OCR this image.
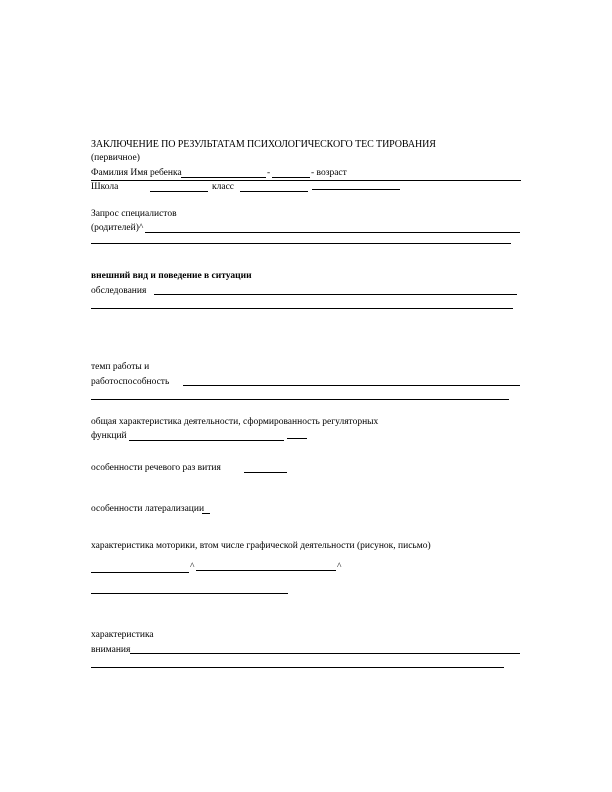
ЗАКЛЮЧЕНИЕ ПО РЕЗУЛЬТАТАМ ПСИХОЛОГИЧЕСКОГО ТЕС ТИРОВАНИЯ
(первичное)
Фамилия Имя ребенка	-	- возраст
Школа	класс
Запрос специалистов
(родителей)^
внешний вид и поведение в ситуации
обследования
темп работы и
работоспособность
общая характеристика деятельности, сформированность регуляторных
функций
особенности речевого раз вития
особенности латерализации
характеристика моторики, втом числе графической деятельности (рисунок, письмо)
^	^
характеристика
внимания
